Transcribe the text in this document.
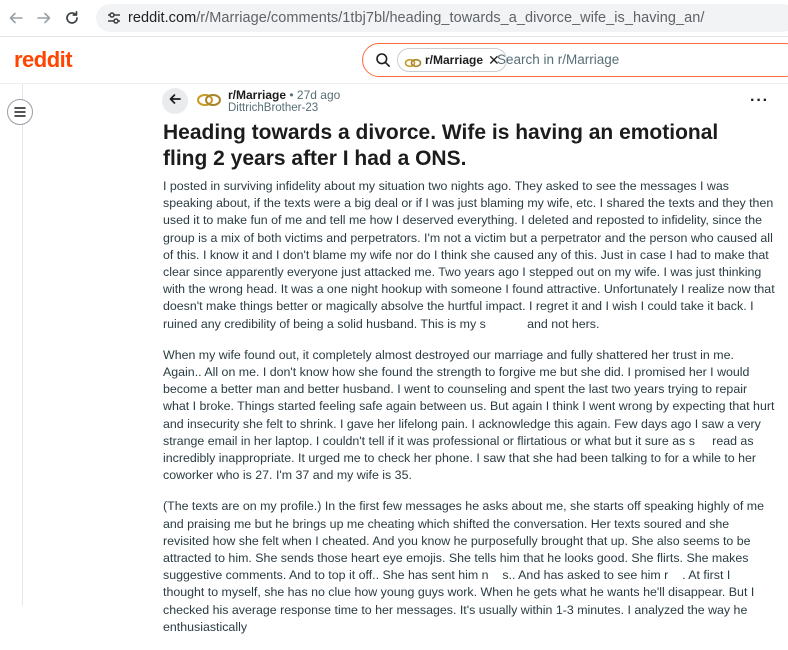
reddit.com/r/Marriage/comments/1tbj7bl/heading_towards_a_divorce_wife_is_having_an/
reddit	r/Marriage ✕
Search in r/Marriage
r/Marriage • 27d ago
DittrichBrother-23	···
Heading towards a divorce. Wife is having an emotional fling 2 years after I had a ONS.

I posted in surviving infidelity about my situation two nights ago. They asked to see the messages I was speaking about, if the texts were a big deal or if I was just blaming my wife, etc. I shared the texts and they then used it to make fun of me and tell me how I deserved everything. I deleted and reposted to infidelity, since the group is a mix of both victims and perpetrators. I'm not a victim but a perpetrator and the person who caused all of this. I know it and I don't blame my wife nor do I think she caused any of this. Just in case I had to make that clear since apparently everyone just attacked me. Two years ago I stepped out on my wife. I was just thinking with the wrong head. It was a one night hookup with someone I found attractive. Unfortunately I realize now that doesn't make things better or magically absolve the hurtful impact. I regret it and I wish I could take it back. I ruined any credibility of being a solid husband. This is my s            and not hers.

When my wife found out, it completely almost destroyed our marriage and fully shattered her trust in me. Again.. All on me. I don't know how she found the strength to forgive me but she did. I promised her I would become a better man and better husband. I went to counseling and spent the last two years trying to repair what I broke. Things started feeling safe again between us. But again I think I went wrong by expecting that hurt and insecurity she felt to shrink. I gave her lifelong pain. I acknowledge this again. Few days ago I saw a very strange email in her laptop. I couldn't tell if it was professional or flirtatious or what but it sure as s     read as incredibly inappropriate. It urged me to check her phone. I saw that she had been talking to for a while to her coworker who is 27. I'm 37 and my wife is 35.

(The texts are on my profile.) In the first few messages he asks about me, she starts off speaking highly of me and praising me but he brings up me cheating which shifted the conversation. Her texts soured and she revisited how she felt when I cheated. And you know he purposefully brought that up. She also seems to be attracted to him. She sends those heart eye emojis. She tells him that he looks good. She flirts. She makes suggestive comments. And to top it off.. She has sent him n    s.. And has asked to see him r    . At first I thought to myself, she has no clue how young guys work. When he gets what he wants he'll disappear. But I checked his average response time to her messages. It's usually within 1-3 minutes. I analyzed the way he enthusiastically
